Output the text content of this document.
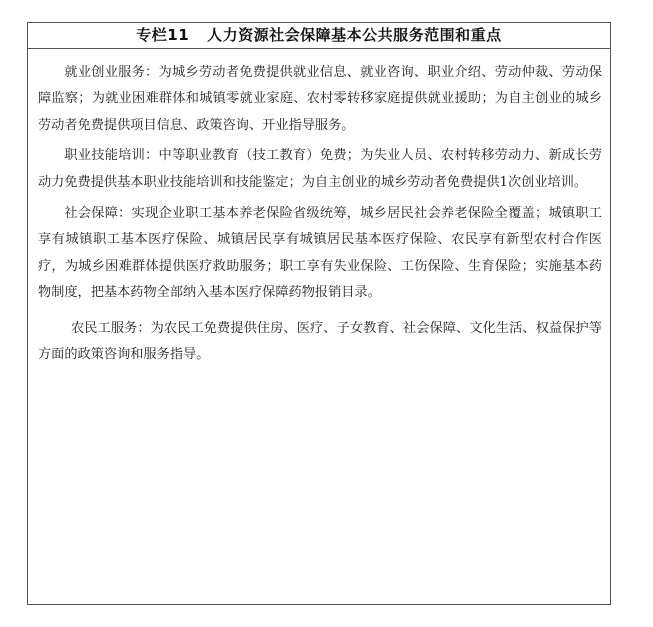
专栏11 人力资源社会保障基本公共服务范围和重点

就业创业服务：为城乡劳动者免费提供就业信息、就业咨询、职业介绍、劳动仲裁、劳动保障监察；为就业困难群体和城镇零就业家庭、农村零转移家庭提供就业援助；为自主创业的城乡劳动者免费提供项目信息、政策咨询、开业指导服务。

职业技能培训：中等职业教育（技工教育）免费；为失业人员、农村转移劳动力、新成长劳动力免费提供基本职业技能培训和技能鉴定；为自主创业的城乡劳动者免费提供1次创业培训。

社会保障：实现企业职工基本养老保险省级统筹，城乡居民社会养老保险全覆盖；城镇职工享有城镇职工基本医疗保险、城镇居民享有城镇居民基本医疗保险、农民享有新型农村合作医疗，为城乡困难群体提供医疗救助服务；职工享有失业保险、工伤保险、生育保险；实施基本药物制度，把基本药物全部纳入基本医疗保障药物报销目录。

农民工服务：为农民工免费提供住房、医疗、子女教育、社会保障、文化生活、权益保护等方面的政策咨询和服务指导。
